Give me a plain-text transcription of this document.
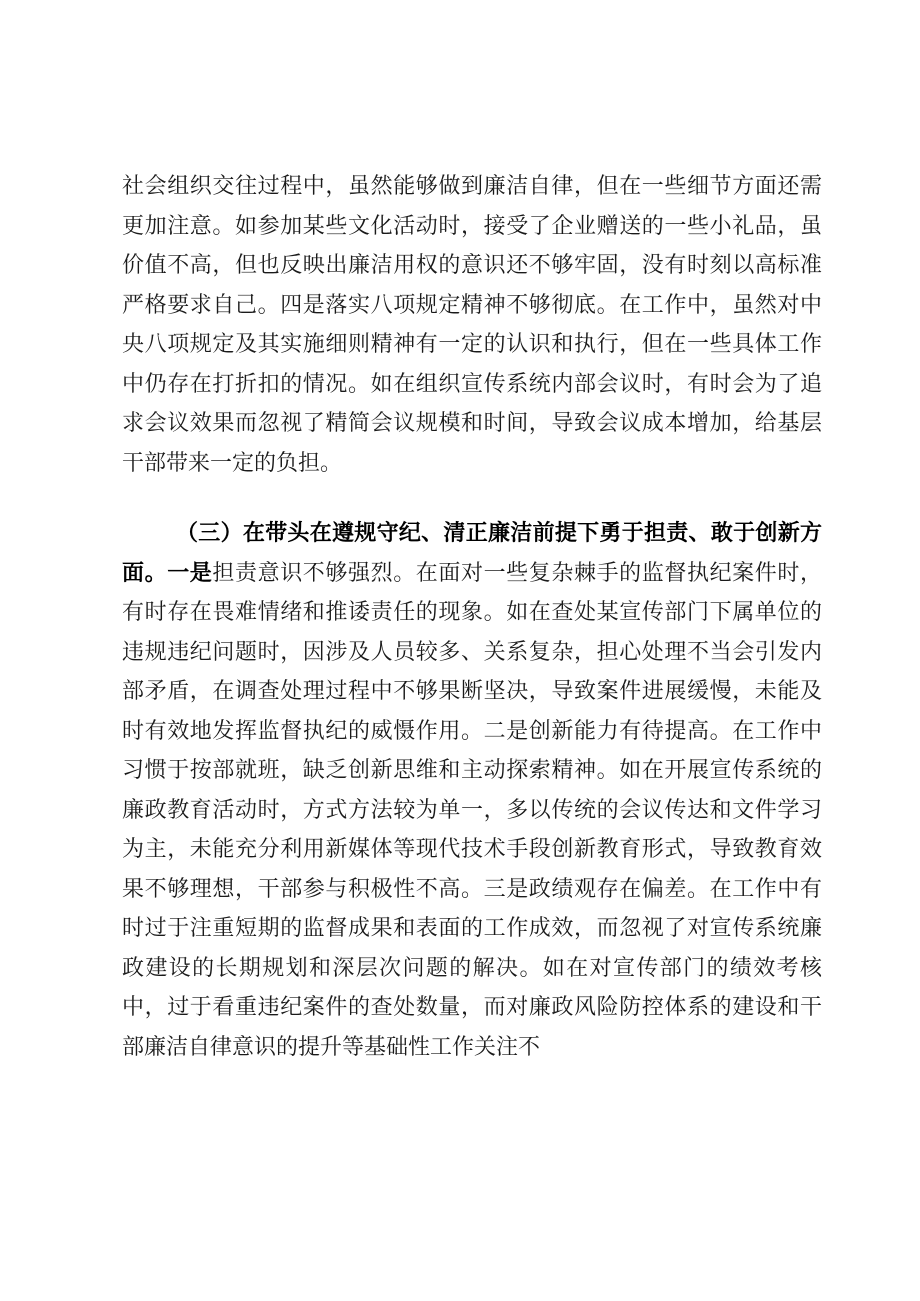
社会组织交往过程中，虽然能够做到廉洁自律，但在一些细节方面还需更加注意。如参加某些文化活动时，接受了企业赠送的一些小礼品，虽价值不高，但也反映出廉洁用权的意识还不够牢固，没有时刻以高标准严格要求自己。四是落实八项规定精神不够彻底。在工作中，虽然对中央八项规定及其实施细则精神有一定的认识和执行，但在一些具体工作中仍存在打折扣的情况。如在组织宣传系统内部会议时，有时会为了追求会议效果而忽视了精简会议规模和时间，导致会议成本增加，给基层干部带来一定的负担。

（三）在带头在遵规守纪、清正廉洁前提下勇于担责、敢于创新方面。一是担责意识不够强烈。在面对一些复杂棘手的监督执纪案件时，有时存在畏难情绪和推诿责任的现象。如在查处某宣传部门下属单位的违规违纪问题时，因涉及人员较多、关系复杂，担心处理不当会引发内部矛盾，在调查处理过程中不够果断坚决，导致案件进展缓慢，未能及时有效地发挥监督执纪的威慑作用。二是创新能力有待提高。在工作中习惯于按部就班，缺乏创新思维和主动探索精神。如在开展宣传系统的廉政教育活动时，方式方法较为单一，多以传统的会议传达和文件学习为主，未能充分利用新媒体等现代技术手段创新教育形式，导致教育效果不够理想，干部参与积极性不高。三是政绩观存在偏差。在工作中有时过于注重短期的监督成果和表面的工作成效，而忽视了对宣传系统廉政建设的长期规划和深层次问题的解决。如在对宣传部门的绩效考核中，过于看重违纪案件的查处数量，而对廉政风险防控体系的建设和干部廉洁自律意识的提升等基础性工作关注不
